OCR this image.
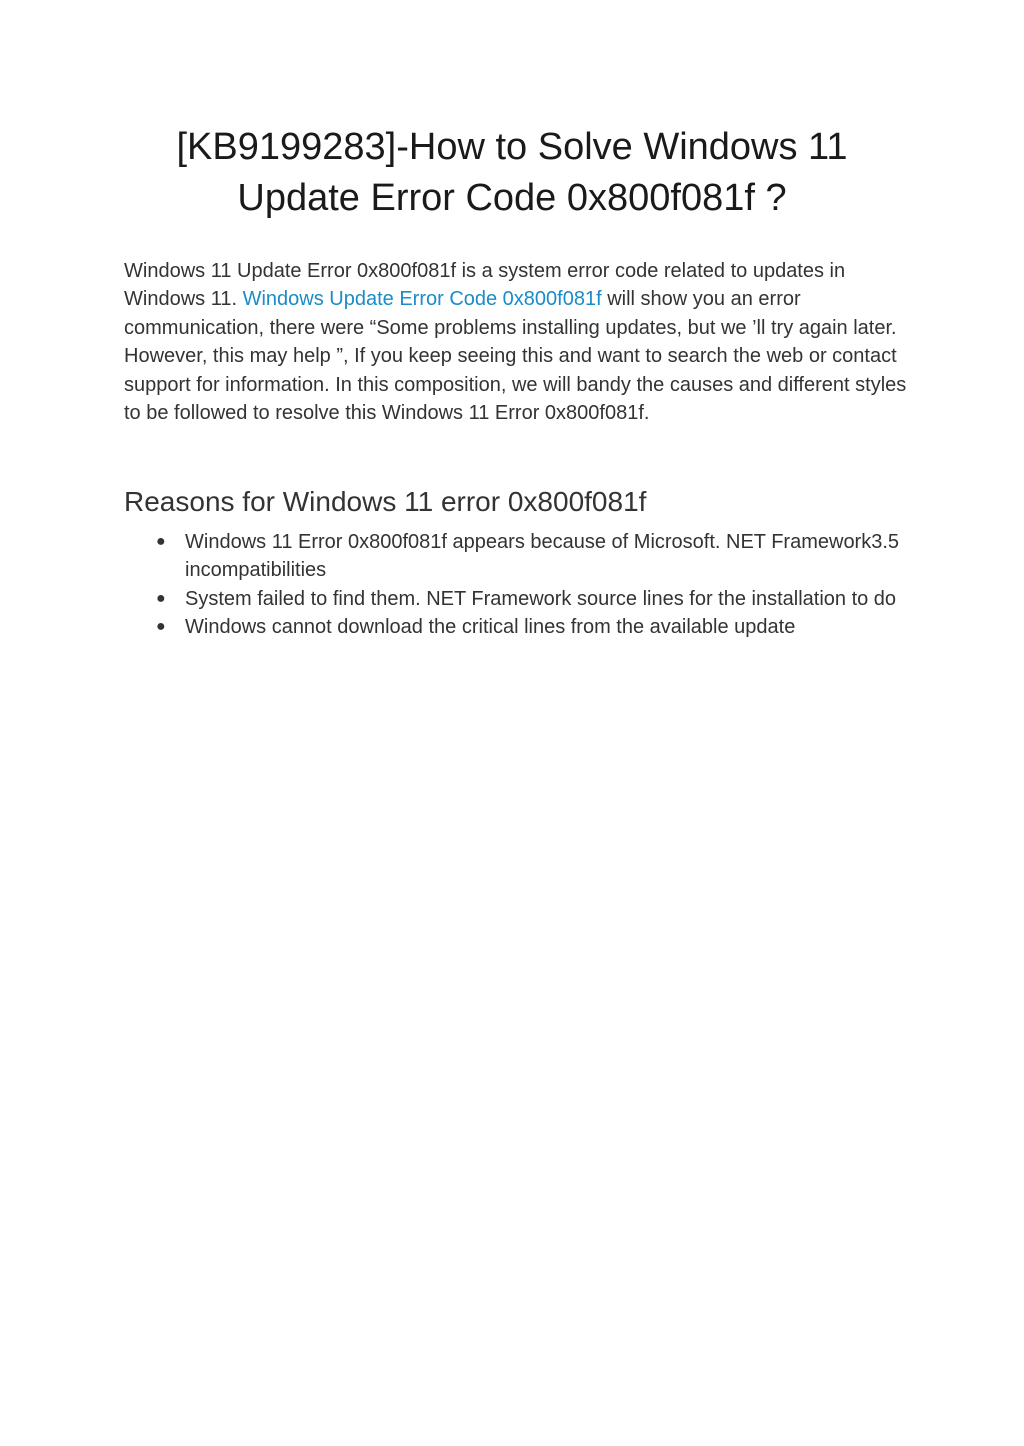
[KB9199283]-How to Solve Windows 11
Update Error Code 0x800f081f ?

Windows 11 Update Error 0x800f081f is a system error code related to updates in Windows 11. Windows Update Error Code 0x800f081f will show you an error communication, there were “Some problems installing updates, but we ’ll try again later. However, this may help ”, If you keep seeing this and want to search the web or contact support for information. In this composition, we will bandy the causes and different styles to be followed to resolve this Windows 11 Error 0x800f081f.

Reasons for Windows 11 error 0x800f081f
● Windows 11 Error 0x800f081f appears because of Microsoft. NET Framework3.5 incompatibilities
● System failed to find them. NET Framework source lines for the installation to do
● Windows cannot download the critical lines from the available update
